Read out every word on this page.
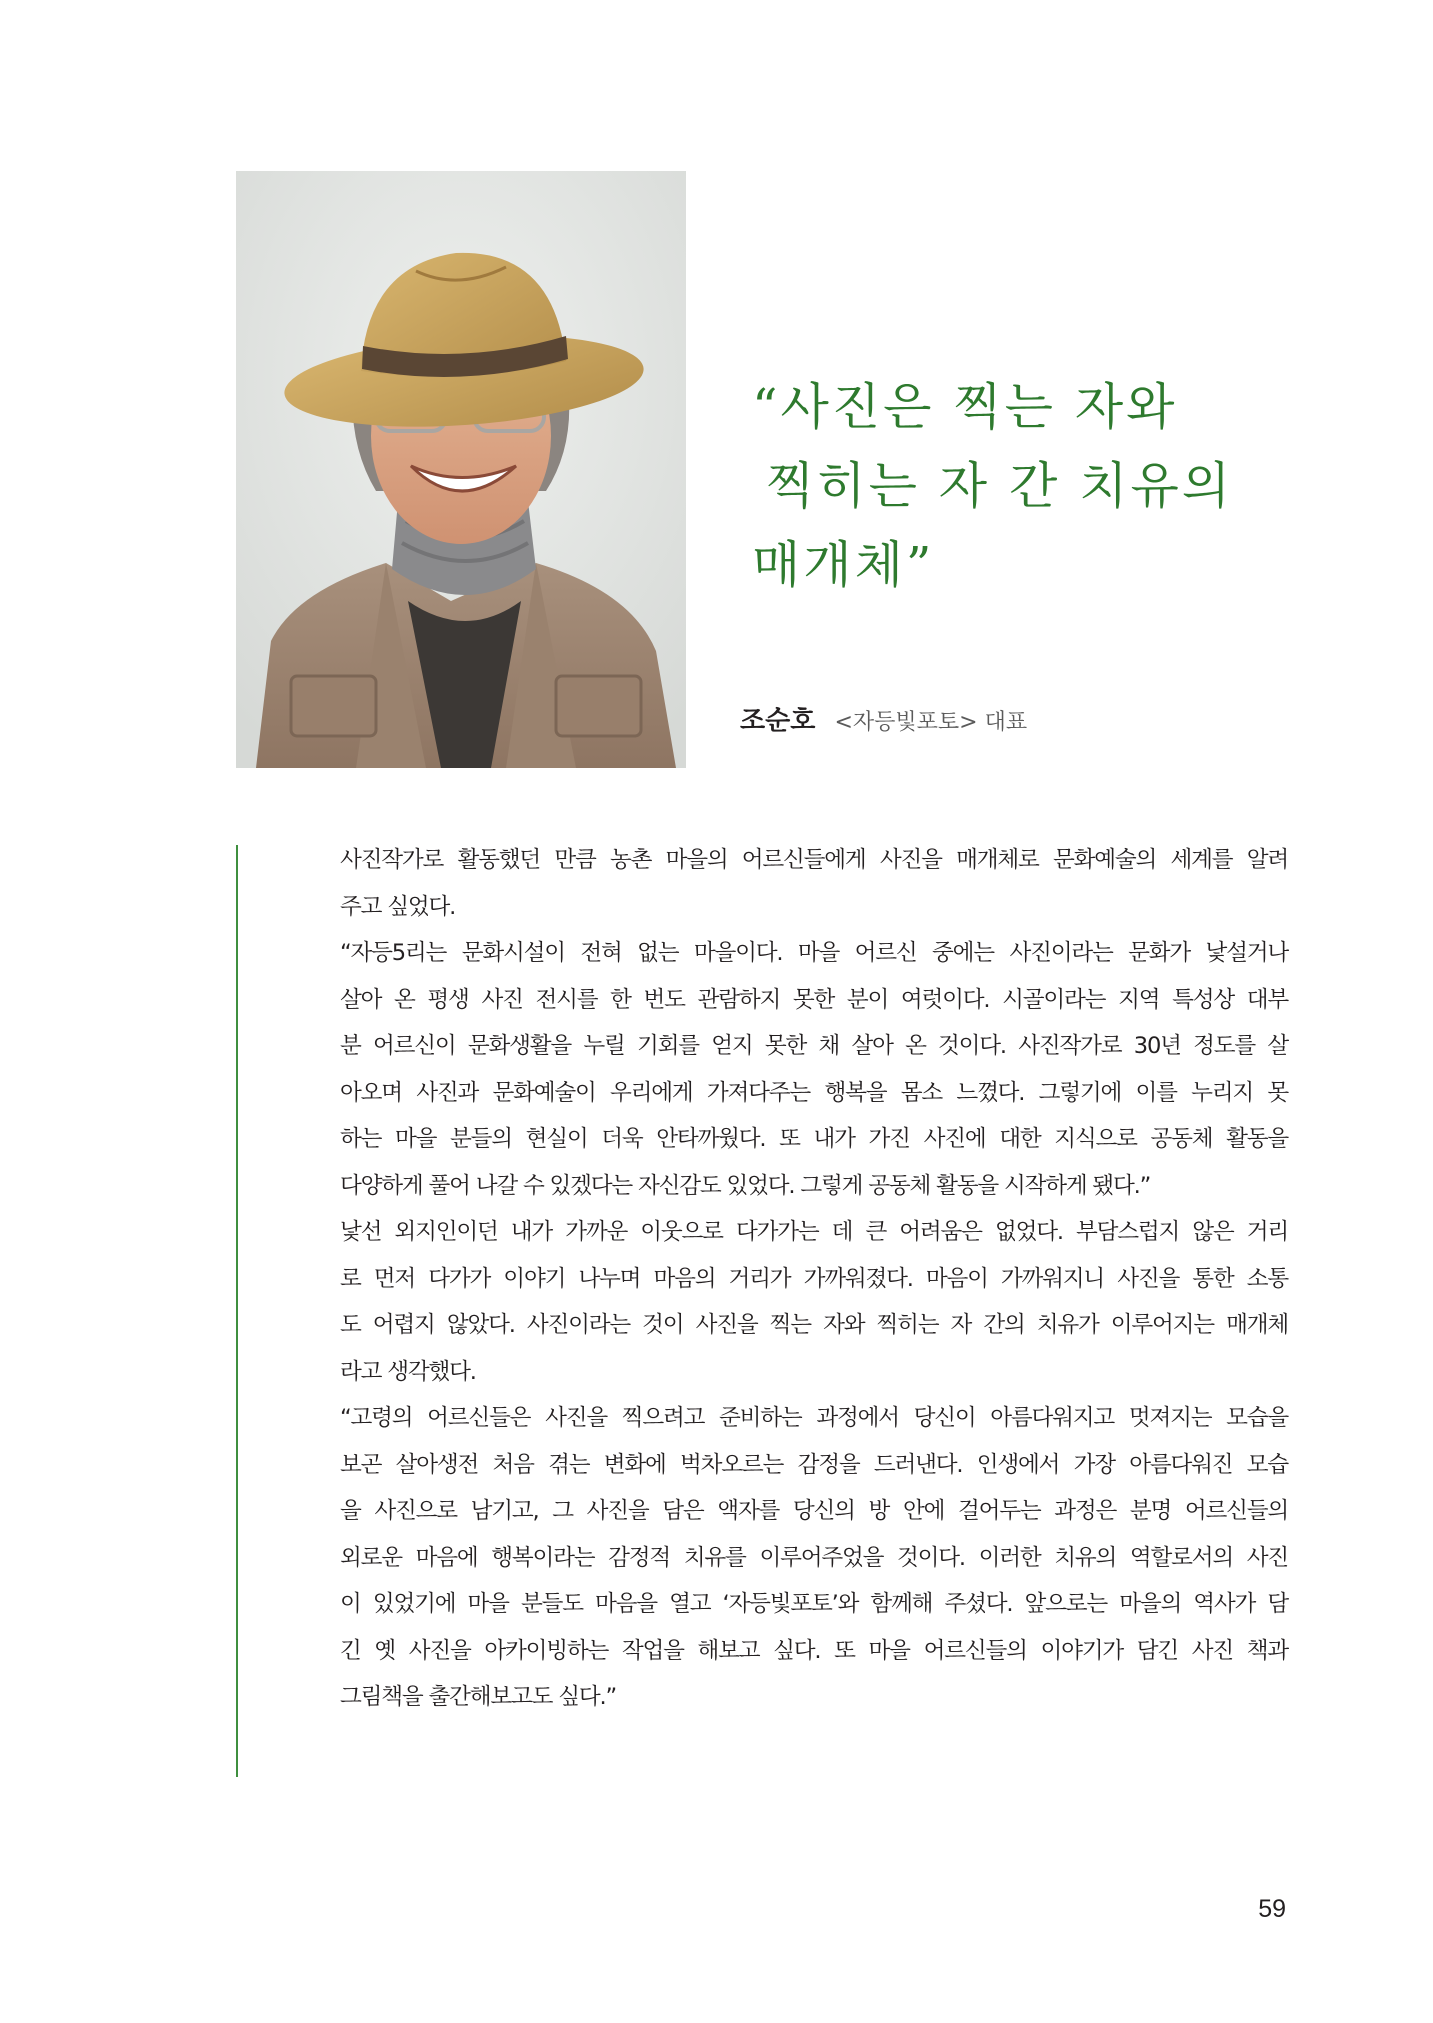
“사진은 찍는 자와
찍히는 자 간 치유의
매개체”
조순호 <자등빛포토> 대표
사진작가로 활동했던 만큼 농촌 마을의 어르신들에게 사진을 매개체로 문화예술의 세계를 알려
주고 싶었다.
“자등5리는 문화시설이 전혀 없는 마을이다. 마을 어르신 중에는 사진이라는 문화가 낯설거나
살아 온 평생 사진 전시를 한 번도 관람하지 못한 분이 여럿이다. 시골이라는 지역 특성상 대부
분 어르신이 문화생활을 누릴 기회를 얻지 못한 채 살아 온 것이다. 사진작가로 30년 정도를 살
아오며 사진과 문화예술이 우리에게 가져다주는 행복을 몸소 느꼈다. 그렇기에 이를 누리지 못
하는 마을 분들의 현실이 더욱 안타까웠다. 또 내가 가진 사진에 대한 지식으로 공동체 활동을
다양하게 풀어 나갈 수 있겠다는 자신감도 있었다. 그렇게 공동체 활동을 시작하게 됐다.”
낯선 외지인이던 내가 가까운 이웃으로 다가가는 데 큰 어려움은 없었다. 부담스럽지 않은 거리
로 먼저 다가가 이야기 나누며 마음의 거리가 가까워졌다. 마음이 가까워지니 사진을 통한 소통
도 어렵지 않았다. 사진이라는 것이 사진을 찍는 자와 찍히는 자 간의 치유가 이루어지는 매개체
라고 생각했다.
“고령의 어르신들은 사진을 찍으려고 준비하는 과정에서 당신이 아름다워지고 멋져지는 모습을
보곤 살아생전 처음 겪는 변화에 벅차오르는 감정을 드러낸다. 인생에서 가장 아름다워진 모습
을 사진으로 남기고, 그 사진을 담은 액자를 당신의 방 안에 걸어두는 과정은 분명 어르신들의
외로운 마음에 행복이라는 감정적 치유를 이루어주었을 것이다. 이러한 치유의 역할로서의 사진
이 있었기에 마을 분들도 마음을 열고 ‘자등빛포토’와 함께해 주셨다. 앞으로는 마을의 역사가 담
긴 옛 사진을 아카이빙하는 작업을 해보고 싶다. 또 마을 어르신들의 이야기가 담긴 사진 책과
그림책을 출간해보고도 싶다.”
59
